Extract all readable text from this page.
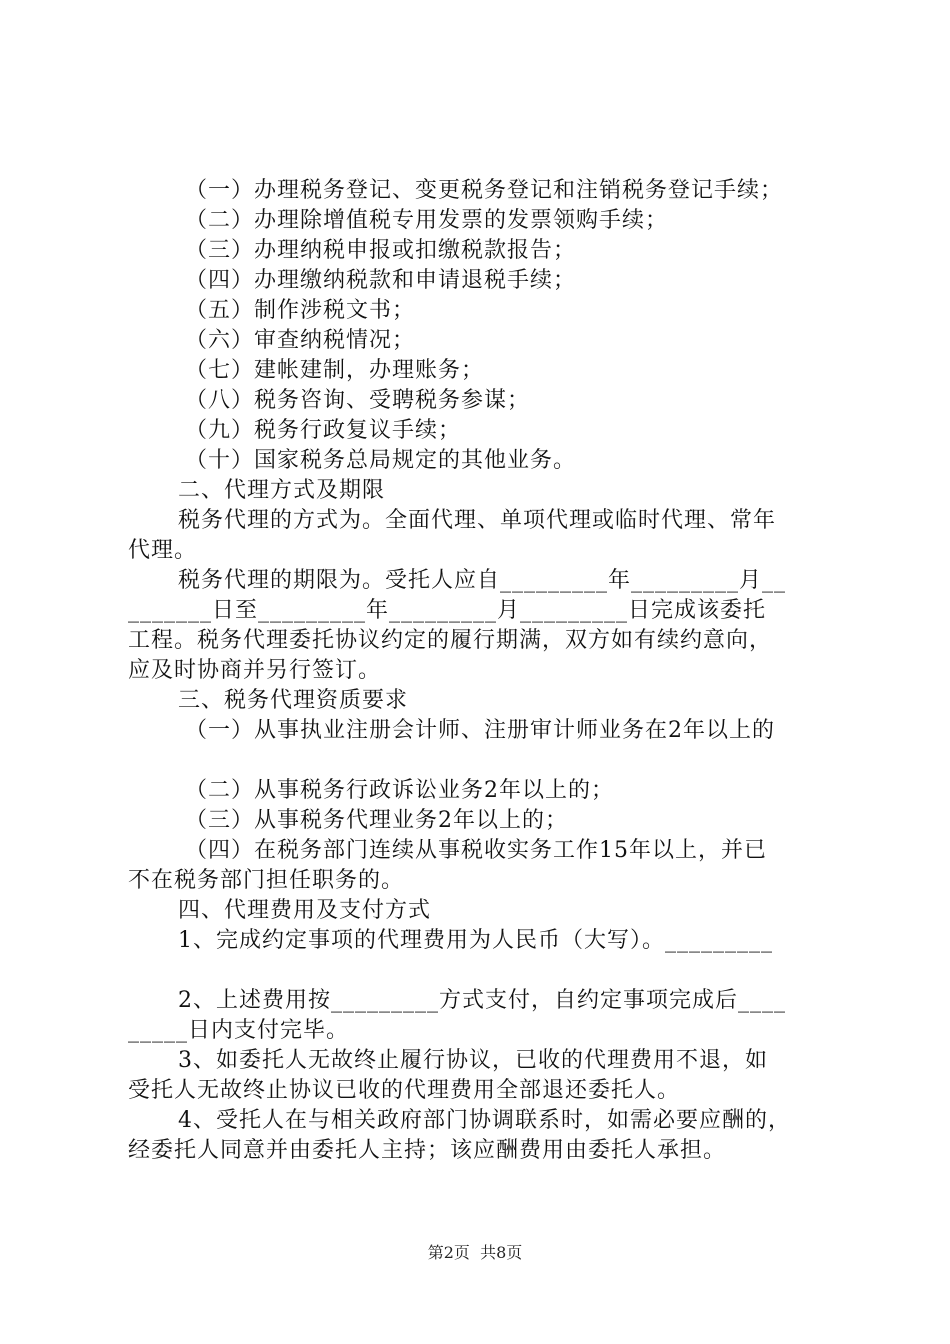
（一）办理税务登记、变更税务登记和注销税务登记手续；
（二）办理除增值税专用发票的发票领购手续；
（三）办理纳税申报或扣缴税款报告；
（四）办理缴纳税款和申请退税手续；
（五）制作涉税文书；
（六）审查纳税情况；
（七）建帐建制，办理账务；
（八）税务咨询、受聘税务参谋；
（九）税务行政复议手续；
（十）国家税务总局规定的其他业务。
二、代理方式及期限
税务代理的方式为。全面代理、单项代理或临时代理、常年
代理。
税务代理的期限为。受托人应自_________年_________月__
_______日至_________年_________月_________日完成该委托
工程。税务代理委托协议约定的履行期满，双方如有续约意向，
应及时协商并另行签订。
三、税务代理资质要求
（一）从事执业注册会计师、注册审计师业务在2年以上的
（二）从事税务行政诉讼业务2年以上的；
（三）从事税务代理业务2年以上的；
（四）在税务部门连续从事税收实务工作15年以上，并已
不在税务部门担任职务的。
四、代理费用及支付方式
1、完成约定事项的代理费用为人民币（大写）。_________
2、上述费用按_________方式支付，自约定事项完成后____
_____日内支付完毕。
3、如委托人无故终止履行协议，已收的代理费用不退，如
受托人无故终止协议已收的代理费用全部退还委托人。
4、受托人在与相关政府部门协调联系时，如需必要应酬的，
经委托人同意并由委托人主持；该应酬费用由委托人承担。
第2页  共8页
